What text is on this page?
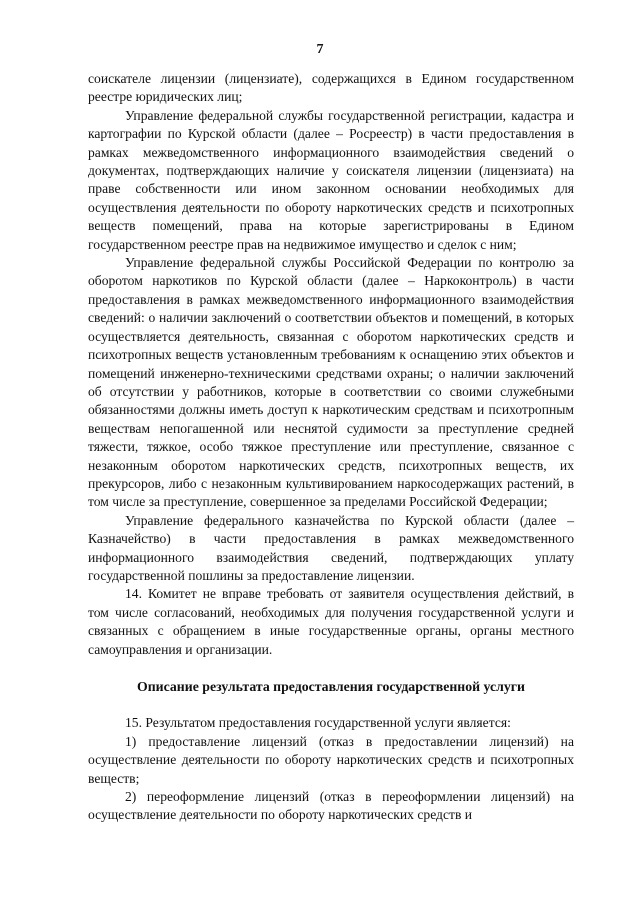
7

соискателе лицензии (лицензиате), содержащихся в Едином государственном реестре юридических лиц;

Управление федеральной службы государственной регистрации, кадастра и картографии по Курской области (далее – Росреестр) в части предоставления в рамках межведомственного информационного взаимодействия сведений о документах, подтверждающих наличие у соискателя лицензии (лицензиата) на праве собственности или ином законном основании необходимых для осуществления деятельности по обороту наркотических средств и психотропных веществ помещений, права на которые зарегистрированы в Едином государственном реестре прав на недвижимое имущество и сделок с ним;

Управление федеральной службы Российской Федерации по контролю за оборотом наркотиков по Курской области (далее – Наркоконтроль) в части предоставления в рамках межведомственного информационного взаимодействия сведений: о наличии заключений о соответствии объектов и помещений, в которых осуществляется деятельность, связанная с оборотом наркотических средств и психотропных веществ установленным требованиям к оснащению этих объектов и помещений инженерно-техническими средствами охраны; о наличии заключений об отсутствии у работников, которые в соответствии со своими служебными обязанностями должны иметь доступ к наркотическим средствам и психотропным веществам непогашенной или неснятой судимости за преступление средней тяжести, тяжкое, особо тяжкое преступление или преступление, связанное с незаконным оборотом наркотических средств, психотропных веществ, их прекурсоров, либо с незаконным культивированием наркосодержащих растений, в том числе за преступление, совершенное за пределами Российской Федерации;

Управление федерального казначейства по Курской области (далее – Казначейство) в части предоставления в рамках межведомственного информационного взаимодействия сведений, подтверждающих уплату государственной пошлины за предоставление лицензии.

14. Комитет не вправе требовать от заявителя осуществления действий, в том числе согласований, необходимых для получения государственной услуги и связанных с обращением в иные государственные органы, органы местного самоуправления и организации.

Описание результата предоставления государственной услуги

15. Результатом предоставления государственной услуги является:

1) предоставление лицензий (отказ в предоставлении лицензий) на осуществление деятельности по обороту наркотических средств и психотропных веществ;

2) переоформление лицензий (отказ в переоформлении лицензий) на осуществление деятельности по обороту наркотических средств и
